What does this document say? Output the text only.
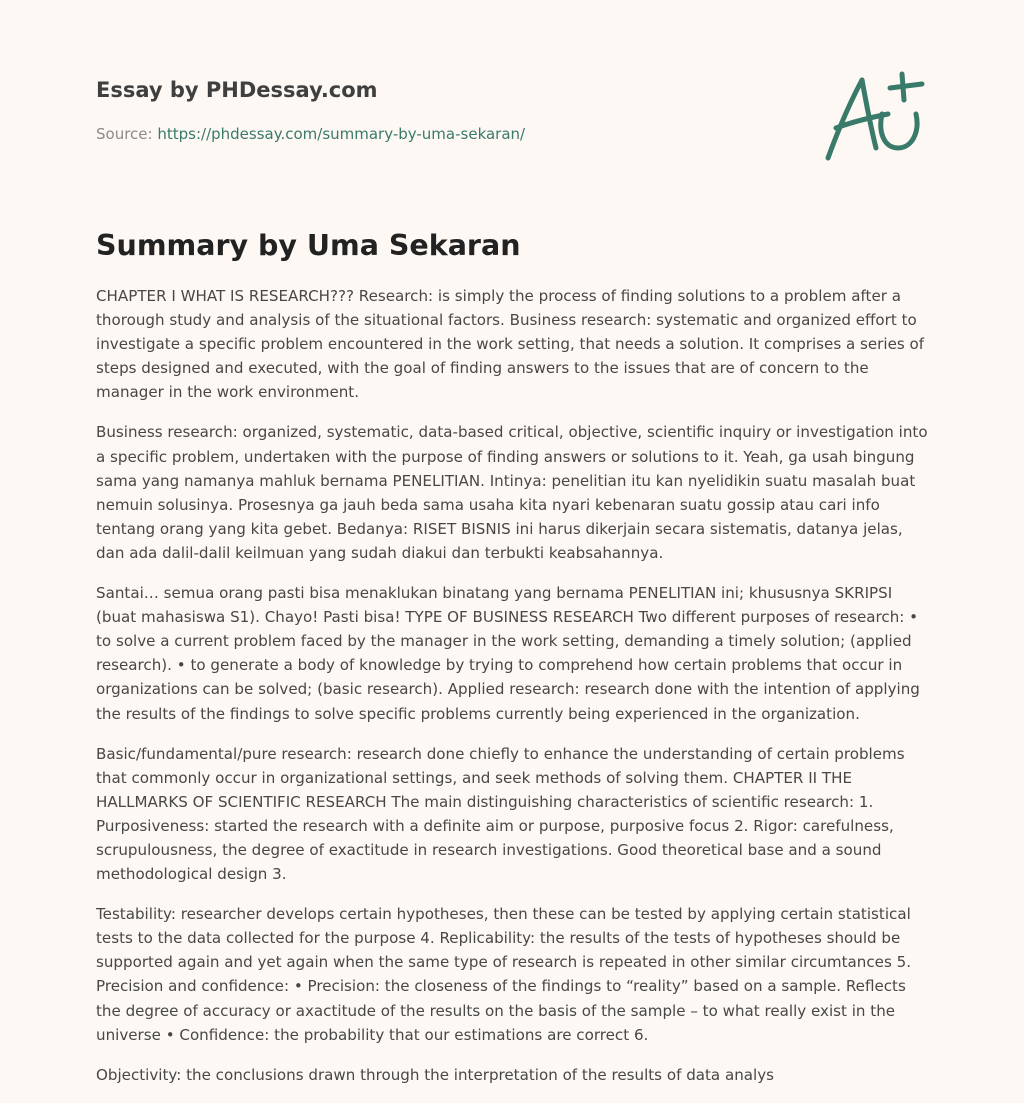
Essay by PHDessay.com
Source: https://phdessay.com/summary-by-uma-sekaran/
Summary by Uma Sekaran

CHAPTER I WHAT IS RESEARCH??? Research: is simply the process of finding solutions to a problem after a thorough study and analysis of the situational factors. Business research: systematic and organized effort to investigate a specific problem encountered in the work setting, that needs a solution. It comprises a series of steps designed and executed, with the goal of finding answers to the issues that are of concern to the manager in the work environment.

Business research: organized, systematic, data-based critical, objective, scientific inquiry or investigation into a specific problem, undertaken with the purpose of finding answers or solutions to it. Yeah, ga usah bingung sama yang namanya mahluk bernama PENELITIAN. Intinya: penelitian itu kan nyelidikin suatu masalah buat nemuin solusinya. Prosesnya ga jauh beda sama usaha kita nyari kebenaran suatu gossip atau cari info tentang orang yang kita gebet. Bedanya: RISET BISNIS ini harus dikerjain secara sistematis, datanya jelas, dan ada dalil-dalil keilmuan yang sudah diakui dan terbukti keabsahannya.

Santai… semua orang pasti bisa menaklukan binatang yang bernama PENELITIAN ini; khususnya SKRIPSI (buat mahasiswa S1). Chayo! Pasti bisa! TYPE OF BUSINESS RESEARCH Two different purposes of research: • to solve a current problem faced by the manager in the work setting, demanding a timely solution; (applied research). • to generate a body of knowledge by trying to comprehend how certain problems that occur in organizations can be solved; (basic research). Applied research: research done with the intention of applying the results of the findings to solve specific problems currently being experienced in the organization.

Basic/fundamental/pure research: research done chiefly to enhance the understanding of certain problems that commonly occur in organizational settings, and seek methods of solving them. CHAPTER II THE HALLMARKS OF SCIENTIFIC RESEARCH The main distinguishing characteristics of scientific research: 1. Purposiveness: started the research with a definite aim or purpose, purposive focus 2. Rigor: carefulness, scrupulousness, the degree of exactitude in research investigations. Good theoretical base and a sound methodological design 3.

Testability: researcher develops certain hypotheses, then these can be tested by applying certain statistical tests to the data collected for the purpose 4. Replicability: the results of the tests of hypotheses should be supported again and yet again when the same type of research is repeated in other similar circumtances 5. Precision and confidence: • Precision: the closeness of the findings to “reality” based on a sample. Reflects the degree of accuracy or axactitude of the results on the basis of the sample – to what really exist in the universe • Confidence: the probability that our estimations are correct 6.

Objectivity: the conclusions drawn through the interpretation of the results of data analys
